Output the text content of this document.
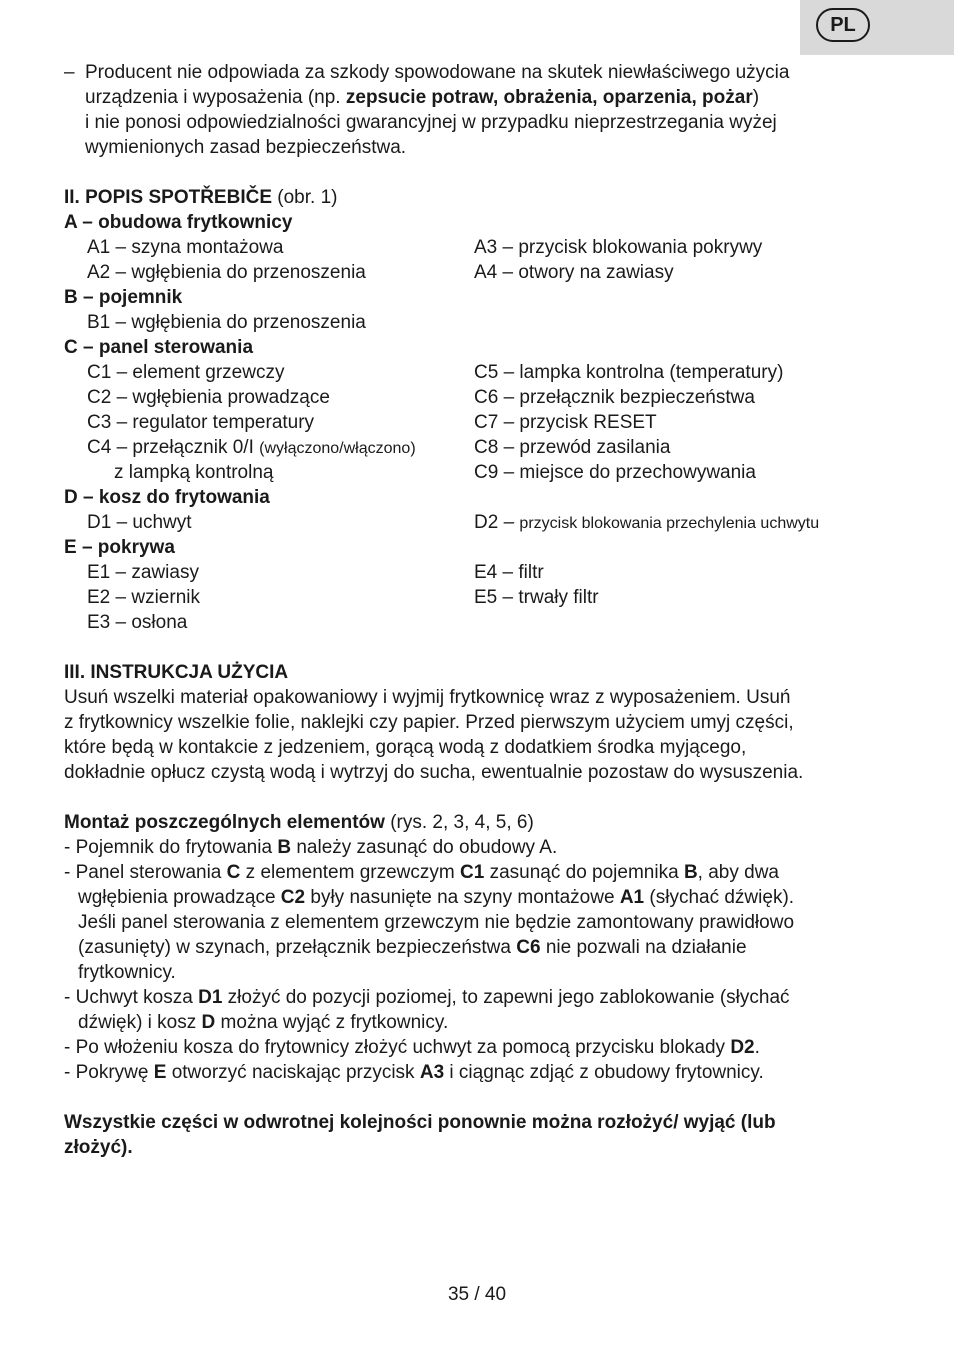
PL
– Producent nie odpowiada za szkody spowodowane na skutek niewłaściwego użycia
urządzenia i wyposażenia (np. zepsucie potraw, obrażenia, oparzenia, pożar)
i nie ponosi odpowiedzialności gwarancyjnej w przypadku nieprzestrzegania wyżej
wymienionych zasad bezpieczeństwa.
II. POPIS SPOTŘEBIČE (obr. 1)
A – obudowa frytkownicy
A1 – szyna montażowa	A3 – przycisk blokowania pokrywy
A2 – wgłębienia do przenoszenia	A4 – otwory na zawiasy
B – pojemnik
B1 – wgłębienia do przenoszenia
C – panel sterowania
C1 – element grzewczy	C5 – lampka kontrolna (temperatury)
C2 – wgłębienia prowadzące	C6 – przełącznik bezpieczeństwa
C3 – regulator temperatury	C7 – przycisk RESET
C4 – przełącznik 0/I (wyłączono/włączono)	C8 – przewód zasilania
z lampką kontrolną	C9 – miejsce do przechowywania
D – kosz do frytowania
D1 – uchwyt	D2 – przycisk blokowania przechylenia uchwytu
E – pokrywa
E1 – zawiasy	E4 – filtr
E2 – wziernik	E5 – trwały filtr
E3 – osłona
III. INSTRUKCJA UŻYCIA
Usuń wszelki materiał opakowaniowy i wyjmij frytkownicę wraz z wyposażeniem. Usuń
z frytkownicy wszelkie folie, naklejki czy papier. Przed pierwszym użyciem umyj części,
które będą w kontakcie z jedzeniem, gorącą wodą z dodatkiem środka myjącego,
dokładnie opłucz czystą wodą i wytrzyj do sucha, ewentualnie pozostaw do wysuszenia.
Montaż poszczególnych elementów (rys. 2, 3, 4, 5, 6)
- Pojemnik do frytowania B należy zasunąć do obudowy A.
- Panel sterowania C z elementem grzewczym C1 zasunąć do pojemnika B, aby dwa
wgłębienia prowadzące C2 były nasunięte na szyny montażowe A1 (słychać dźwięk).
Jeśli panel sterowania z elementem grzewczym nie będzie zamontowany prawidłowo
(zasunięty) w szynach, przełącznik bezpieczeństwa C6 nie pozwali na działanie
frytkownicy.
- Uchwyt kosza D1 złożyć do pozycji poziomej, to zapewni jego zablokowanie (słychać
dźwięk) i kosz D można wyjąć z frytkownicy.
- Po włożeniu kosza do frytownicy złożyć uchwyt za pomocą przycisku blokady D2.
- Pokrywę E otworzyć naciskając przycisk A3 i ciągnąc zdjąć z obudowy frytownicy.
Wszystkie części w odwrotnej kolejności ponownie można rozłożyć/ wyjąć (lub
złożyć).
35 / 40
